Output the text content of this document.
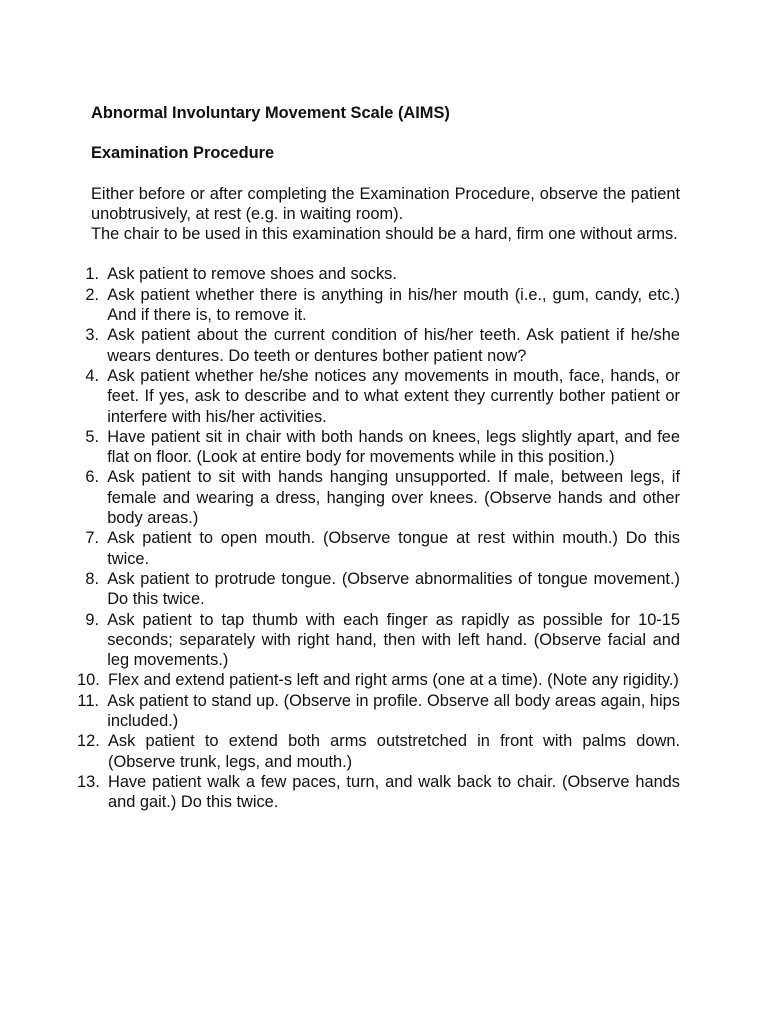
Abnormal Involuntary Movement Scale (AIMS)
Examination Procedure

Either before or after completing the Examination Procedure, observe the patient unobtrusively, at rest (e.g. in waiting room).

The chair to be used in this examination should be a hard, firm one without arms.

1. Ask patient to remove shoes and socks.
2. Ask patient whether there is anything in his/her mouth (i.e., gum, candy, etc.) And if there is, to remove it.
3. Ask patient about the current condition of his/her teeth. Ask patient if he/she wears dentures. Do teeth or dentures bother patient now?
4. Ask patient whether he/she notices any movements in mouth, face, hands, or feet. If yes, ask to describe and to what extent they currently bother patient or interfere with his/her activities.
5. Have patient sit in chair with both hands on knees, legs slightly apart, and fee flat on floor. (Look at entire body for movements while in this position.)
6. Ask patient to sit with hands hanging unsupported. If male, between legs, if female and wearing a dress, hanging over knees. (Observe hands and other body areas.)
7. Ask patient to open mouth. (Observe tongue at rest within mouth.) Do this twice.
8. Ask patient to protrude tongue. (Observe abnormalities of tongue movement.) Do this twice.
9. Ask patient to tap thumb with each finger as rapidly as possible for 10-15 seconds; separately with right hand, then with left hand. (Observe facial and leg movements.)
10. Flex and extend patient‑s left and right arms (one at a time). (Note any rigidity.)
11. Ask patient to stand up. (Observe in profile. Observe all body areas again, hips included.)
12. Ask patient to extend both arms outstretched in front with palms down. (Observe trunk, legs, and mouth.)
13. Have patient walk a few paces, turn, and walk back to chair. (Observe hands and gait.) Do this twice.
